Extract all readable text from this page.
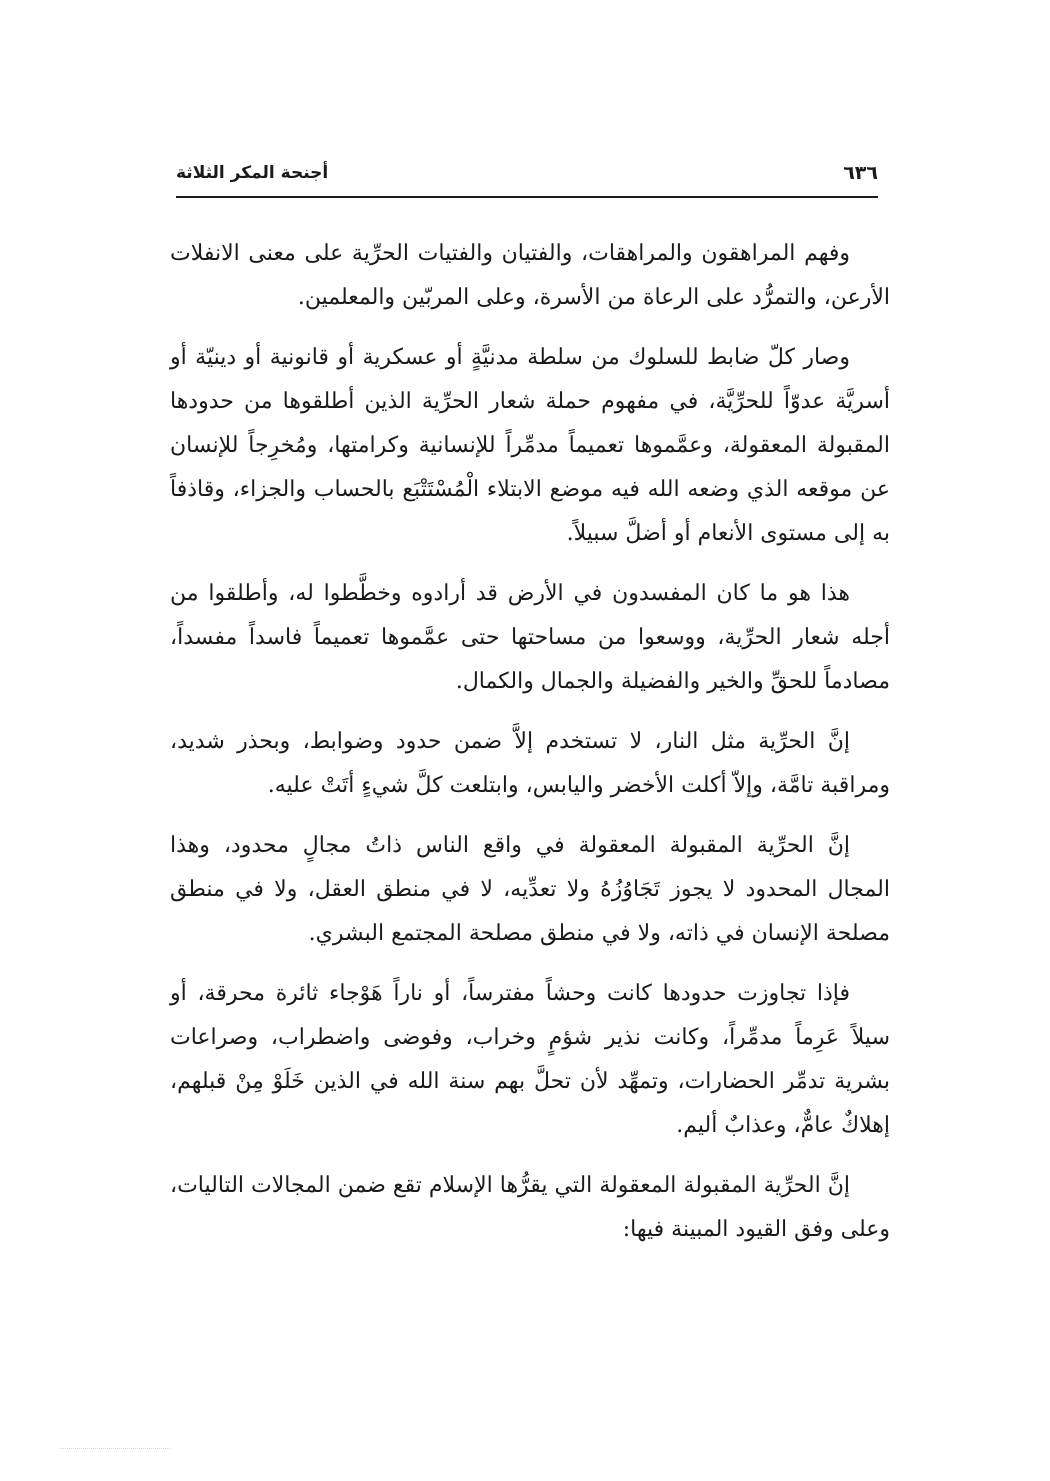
٦٣٦
أجنحة المكر الثلاثة

وفهم المراهقون والمراهقات، والفتيان والفتيات الحرِّية على معنى الانفلات الأرعن، والتمرُّد على الرعاة من الأسرة، وعلى المربّين والمعلمين.

وصار كلّ ضابط للسلوك من سلطة مدنيَّةٍ أو عسكرية أو قانونية أو دينيّة أو أسريَّة عدوّاً للحرِّيَّة، في مفهوم حملة شعار الحرِّية الذين أطلقوها من حدودها المقبولة المعقولة، وعمَّموها تعميماً مدمِّراً للإنسانية وكرامتها، ومُخرِجاً للإنسان عن موقعه الذي وضعه الله فيه موضع الابتلاء الْمُسْتَتْبَع بالحساب والجزاء، وقاذفاً به إلى مستوى الأنعام أو أضلَّ سبيلاً.

هذا هو ما كان المفسدون في الأرض قد أرادوه وخطَّطوا له، وأطلقوا من أجله شعار الحرِّية، ووسعوا من مساحتها حتى عمَّموها تعميماً فاسداً مفسداً، مصادماً للحقِّ والخير والفضيلة والجمال والكمال.

إنَّ الحرِّية مثل النار، لا تستخدم إلاَّ ضمن حدود وضوابط، وبحذر شديد، ومراقبة تامَّة، وإلاّ أكلت الأخضر واليابس، وابتلعت كلَّ شيءٍ أتَتْ عليه.

إنَّ الحرِّية المقبولة المعقولة في واقع الناس ذاتُ مجالٍ محدود، وهذا المجال المحدود لا يجوز تَجَاوُزُهُ ولا تعدِّيه، لا في منطق العقل، ولا في منطق مصلحة الإنسان في ذاته، ولا في منطق مصلحة المجتمع البشري.

فإذا تجاوزت حدودها كانت وحشاً مفترساً، أو ناراً هَوْجاء ثائرة محرقة، أو سيلاً عَرِماً مدمِّراً، وكانت نذير شؤمٍ وخراب، وفوضى واضطراب، وصراعات بشرية تدمِّر الحضارات، وتمهِّد لأن تحلَّ بهم سنة الله في الذين خَلَوْ مِنْ قبلهم، إهلاكٌ عامٌّ، وعذابٌ أليم.

إنَّ الحرِّية المقبولة المعقولة التي يقرُّها الإسلام تقع ضمن المجالات التاليات، وعلى وفق القيود المبينة فيها:
